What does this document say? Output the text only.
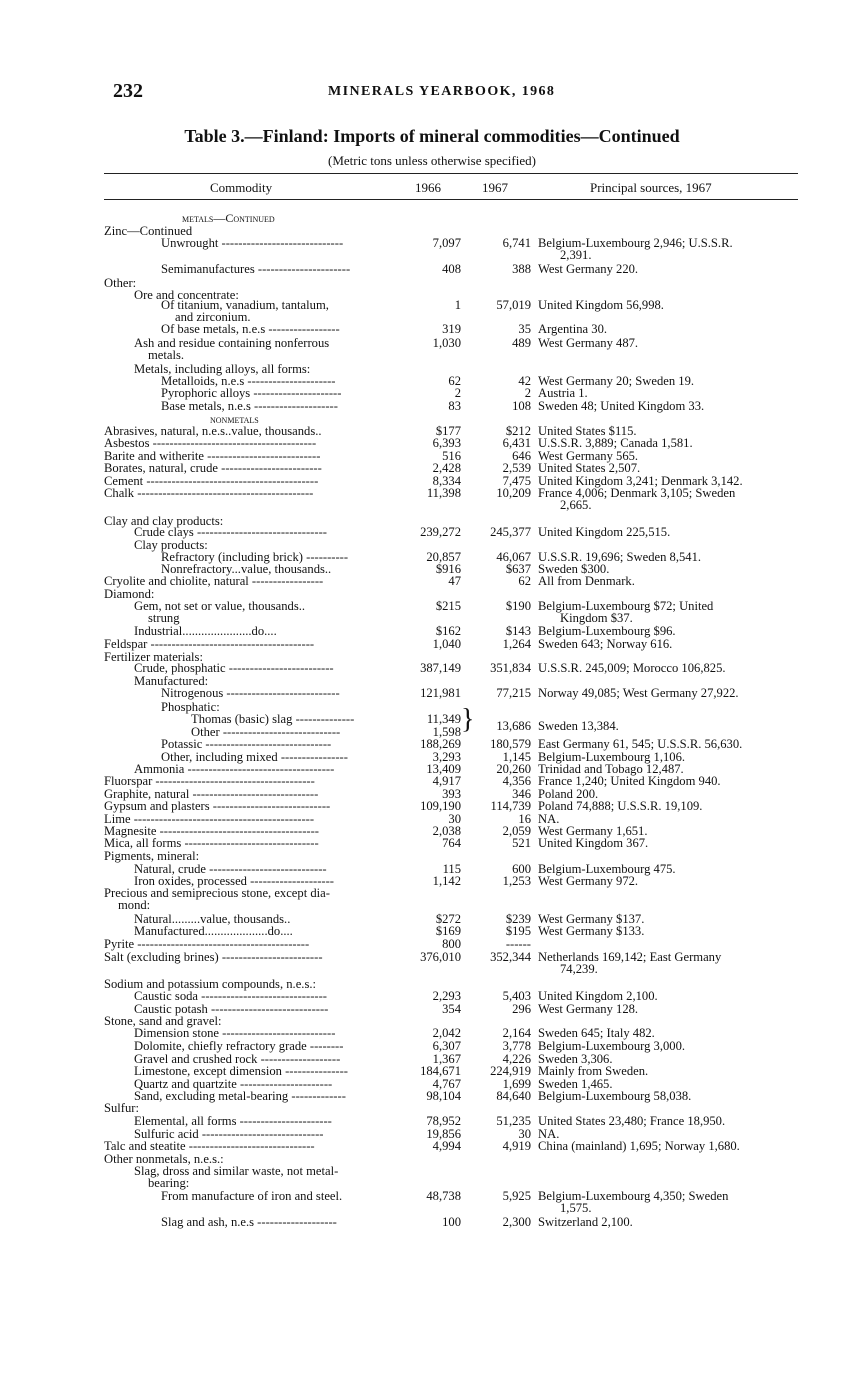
232	MINERALS YEARBOOK, 1968
Table 3.—Finland: Imports of mineral commodities—Continued
(Metric tons unless otherwise specified)
Commodity	1966	1967	Principal sources, 1967
metals—Continued
Zinc—Continued
Unwrought -----------------------------	7,097	6,741 Belgium-Luxembourg 2,946; U.S.S.R.
2,391.
Semimanufactures ----------------------	408	388 West Germany 220.
Other:
Ore and concentrate:
Of titanium, vanadium, tantalum,	1	57,019 United Kingdom 56,998.
and zirconium.
Of base metals, n.e.s -----------------	319	35 Argentina 30.
Ash and residue containing nonferrous	1,030	489 West Germany 487.
metals.
Metals, including alloys, all forms:
Metalloids, n.e.s ---------------------	62	42 West Germany 20; Sweden 19.
Pyrophoric alloys ---------------------	2	2 Austria 1.
Base metals, n.e.s --------------------	83	108 Sweden 48; United Kingdom 33.
nonmetals
Abrasives, natural, n.e.s..value, thousands..	$177	$212 United States $115.
Asbestos ---------------------------------------	6,393	6,431 U.S.S.R. 3,889; Canada 1,581.
Barite and witherite ---------------------------	516	646 West Germany 565.
Borates, natural, crude ------------------------	2,428	2,539 United States 2,507.
Cement -----------------------------------------	8,334	7,475 United Kingdom 3,241; Denmark 3,142.
Chalk ------------------------------------------	11,398	10,209 France 4,006; Denmark 3,105; Sweden
2,665.
Clay and clay products:
Crude clays -------------------------------	239,272	245,377 United Kingdom 225,515.
Clay products:
Refractory (including brick) ----------	20,857	46,067 U.S.S.R. 19,696; Sweden 8,541.
Nonrefractory...value, thousands..	$916	$637 Sweden $300.
Cryolite and chiolite, natural -----------------	47	62 All from Denmark.
Diamond:
Gem, not set or value, thousands..	$215	$190 Belgium-Luxembourg $72; United
strung	Kingdom $37.
Industrial......................do....	$162	$143 Belgium-Luxembourg $96.
Feldspar ---------------------------------------	1,040	1,264 Sweden 643; Norway 616.
Fertilizer materials:
Crude, phosphatic -------------------------	387,149	351,834 U.S.S.R. 245,009; Morocco 106,825.
Manufactured:
Nitrogenous ---------------------------	121,981	77,215 Norway 49,085; West Germany 27,922.
Phosphatic:
Thomas (basic) slag --------------	11,349
Other ----------------------------	1,598	13,686 Sweden 13,384.
Potassic ------------------------------	188,269	180,579 East Germany 61, 545; U.S.S.R. 56,630.
Other, including mixed ----------------	3,293	1,145 Belgium-Luxembourg 1,106.
Ammonia -----------------------------------	13,409	20,260 Trinidad and Tobago 12,487.
Fluorspar --------------------------------------	4,917	4,356 France 1,240; United Kingdom 940.
Graphite, natural ------------------------------	393	346 Poland 200.
Gypsum and plasters ----------------------------	109,190	114,739 Poland 74,888; U.S.S.R. 19,109.
Lime -------------------------------------------	30	16 NA.
Magnesite --------------------------------------	2,038	2,059 West Germany 1,651.
Mica, all forms --------------------------------	764	521 United Kingdom 367.
Pigments, mineral:
Natural, crude ----------------------------	115	600 Belgium-Luxembourg 475.
Iron oxides, processed --------------------	1,142	1,253 West Germany 972.
Precious and semiprecious stone, except dia-
mond:
Natural.........value, thousands..	$272	$239 West Germany $137.
Manufactured....................do....	$169	$195 West Germany $133.
Pyrite -----------------------------------------	800	------
Salt (excluding brines) ------------------------	376,010	352,344 Netherlands 169,142; East Germany
74,239.
Sodium and potassium compounds, n.e.s.:
Caustic soda ------------------------------	2,293	5,403 United Kingdom 2,100.
Caustic potash ----------------------------	354	296 West Germany 128.
Stone, sand and gravel:
Dimension stone ---------------------------	2,042	2,164 Sweden 645; Italy 482.
Dolomite, chiefly refractory grade --------	6,307	3,778 Belgium-Luxembourg 3,000.
Gravel and crushed rock -------------------	1,367	4,226 Sweden 3,306.
Limestone, except dimension ---------------	184,671	224,919 Mainly from Sweden.
Quartz and quartzite ----------------------	4,767	1,699 Sweden 1,465.
Sand, excluding metal-bearing -------------	98,104	84,640 Belgium-Luxembourg 58,038.
Sulfur:
Elemental, all forms ----------------------	78,952	51,235 United States 23,480; France 18,950.
Sulfuric acid -----------------------------	19,856	30 NA.
Talc and steatite ------------------------------	4,994	4,919 China (mainland) 1,695; Norway 1,680.
Other nonmetals, n.e.s.:
Slag, dross and similar waste, not metal-
bearing:
From manufacture of iron and steel.	48,738	5,925 Belgium-Luxembourg 4,350; Sweden
1,575.
Slag and ash, n.e.s -------------------	100	2,300 Switzerland 2,100.
}
